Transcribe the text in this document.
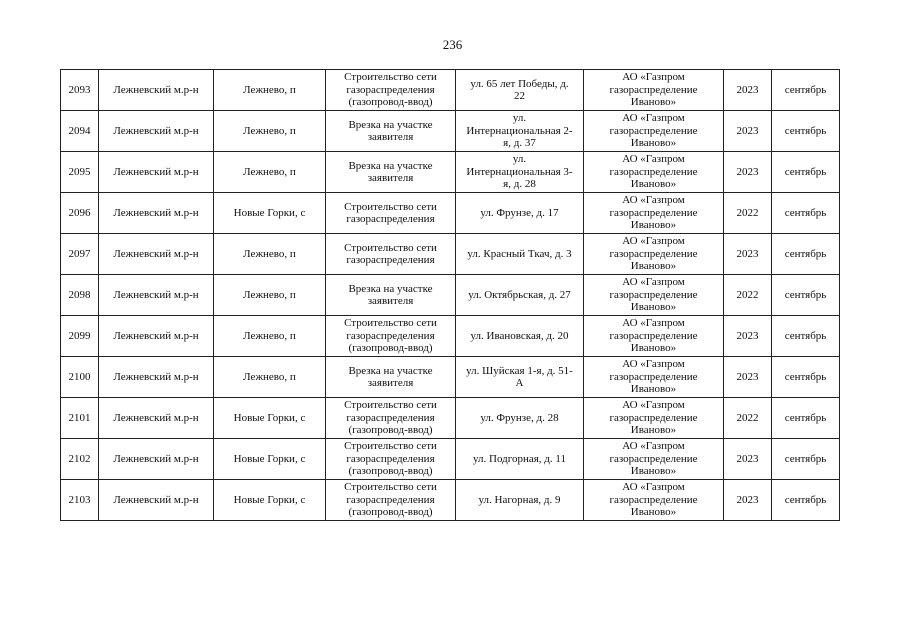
236
2093	Лежневский м.р-н	Лежнево, п	Строительство сети
газораспределения
(газопровод-ввод)	ул. 65 лет Победы, д.
22	АО «Газпром
газораспределение
Иваново»	2023	сентябрь
2094	Лежневский м.р-н	Лежнево, п	Врезка на участке
заявителя	ул.
Интернациональная 2-
я, д. 37	АО «Газпром
газораспределение
Иваново»	2023	сентябрь
2095	Лежневский м.р-н	Лежнево, п	Врезка на участке
заявителя	ул.
Интернациональная 3-
я, д. 28	АО «Газпром
газораспределение
Иваново»	2023	сентябрь
2096	Лежневский м.р-н	Новые Горки, с	Строительство сети
газораспределения	ул. Фрунзе, д. 17	АО «Газпром
газораспределение
Иваново»	2022	сентябрь
2097	Лежневский м.р-н	Лежнево, п	Строительство сети
газораспределения	ул. Красный Ткач, д. 3	АО «Газпром
газораспределение
Иваново»	2023	сентябрь
2098	Лежневский м.р-н	Лежнево, п	Врезка на участке
заявителя	ул. Октябрьская, д. 27	АО «Газпром
газораспределение
Иваново»	2022	сентябрь
2099	Лежневский м.р-н	Лежнево, п	Строительство сети
газораспределения
(газопровод-ввод)	ул. Ивановская, д. 20	АО «Газпром
газораспределение
Иваново»	2023	сентябрь
2100	Лежневский м.р-н	Лежнево, п	Врезка на участке
заявителя	ул. Шуйская 1-я, д. 51-
А	АО «Газпром
газораспределение
Иваново»	2023	сентябрь
2101	Лежневский м.р-н	Новые Горки, с	Строительство сети
газораспределения
(газопровод-ввод)	ул. Фрунзе, д. 28	АО «Газпром
газораспределение
Иваново»	2022	сентябрь
2102	Лежневский м.р-н	Новые Горки, с	Строительство сети
газораспределения
(газопровод-ввод)	ул. Подгорная, д. 11	АО «Газпром
газораспределение
Иваново»	2023	сентябрь
2103	Лежневский м.р-н	Новые Горки, с	Строительство сети
газораспределения
(газопровод-ввод)	ул. Нагорная, д. 9	АО «Газпром
газораспределение
Иваново»	2023	сентябрь
